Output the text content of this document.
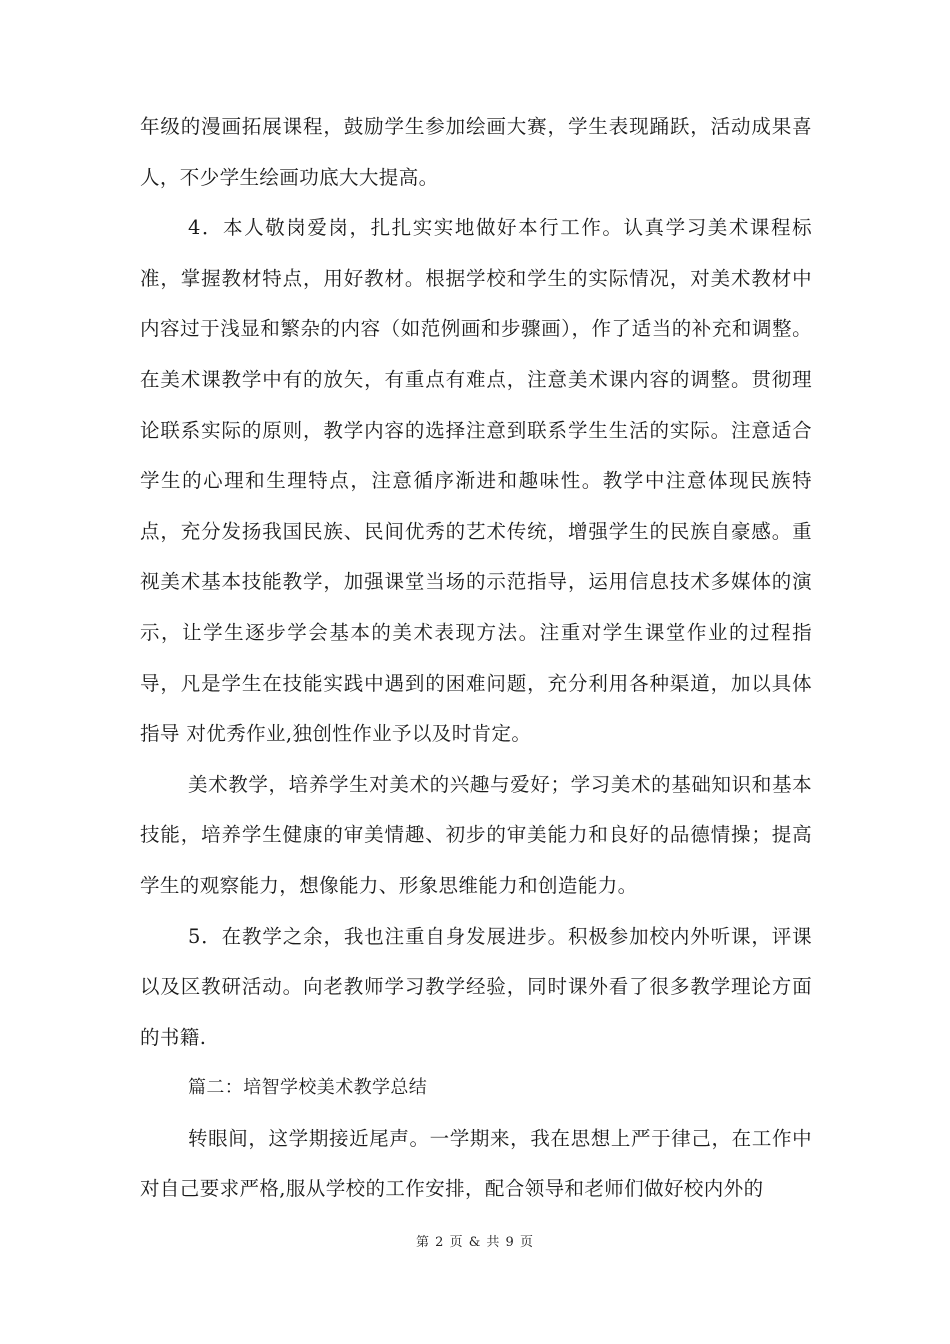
年级的漫画拓展课程，鼓励学生参加绘画大赛，学生表现踊跃，活动成果喜人，不少学生绘画功底大大提高。

4．本人敬岗爱岗，扎扎实实地做好本行工作。认真学习美术课程标准，掌握教材特点，用好教材。根据学校和学生的实际情况，对美术教材中内容过于浅显和繁杂的内容（如范例画和步骤画），作了适当的补充和调整。在美术课教学中有的放矢，有重点有难点，注意美术课内容的调整。贯彻理论联系实际的原则，教学内容的选择注意到联系学生生活的实际。注意适合学生的心理和生理特点，注意循序渐进和趣味性。教学中注意体现民族特点，充分发扬我国民族、民间优秀的艺术传统，增强学生的民族自豪感。重视美术基本技能教学，加强课堂当场的示范指导，运用信息技术多媒体的演示，让学生逐步学会基本的美术表现方法。注重对学生课堂作业的过程指导，凡是学生在技能实践中遇到的困难问题，充分利用各种渠道，加以具体指导 对优秀作业,独创性作业予以及时肯定。

美术教学，培养学生对美术的兴趣与爱好；学习美术的基础知识和基本技能，培养学生健康的审美情趣、初步的审美能力和良好的品德情操；提高学生的观察能力，想像能力、形象思维能力和创造能力。

5．在教学之余，我也注重自身发展进步。积极参加校内外听课，评课以及区教研活动。向老教师学习教学经验，同时课外看了很多教学理论方面的书籍.

篇二：培智学校美术教学总结

转眼间，这学期接近尾声。一学期来，我在思想上严于律己，在工作中对自己要求严格,服从学校的工作安排，配合领导和老师们做好校内外的

第 2 页 & 共 9 页
